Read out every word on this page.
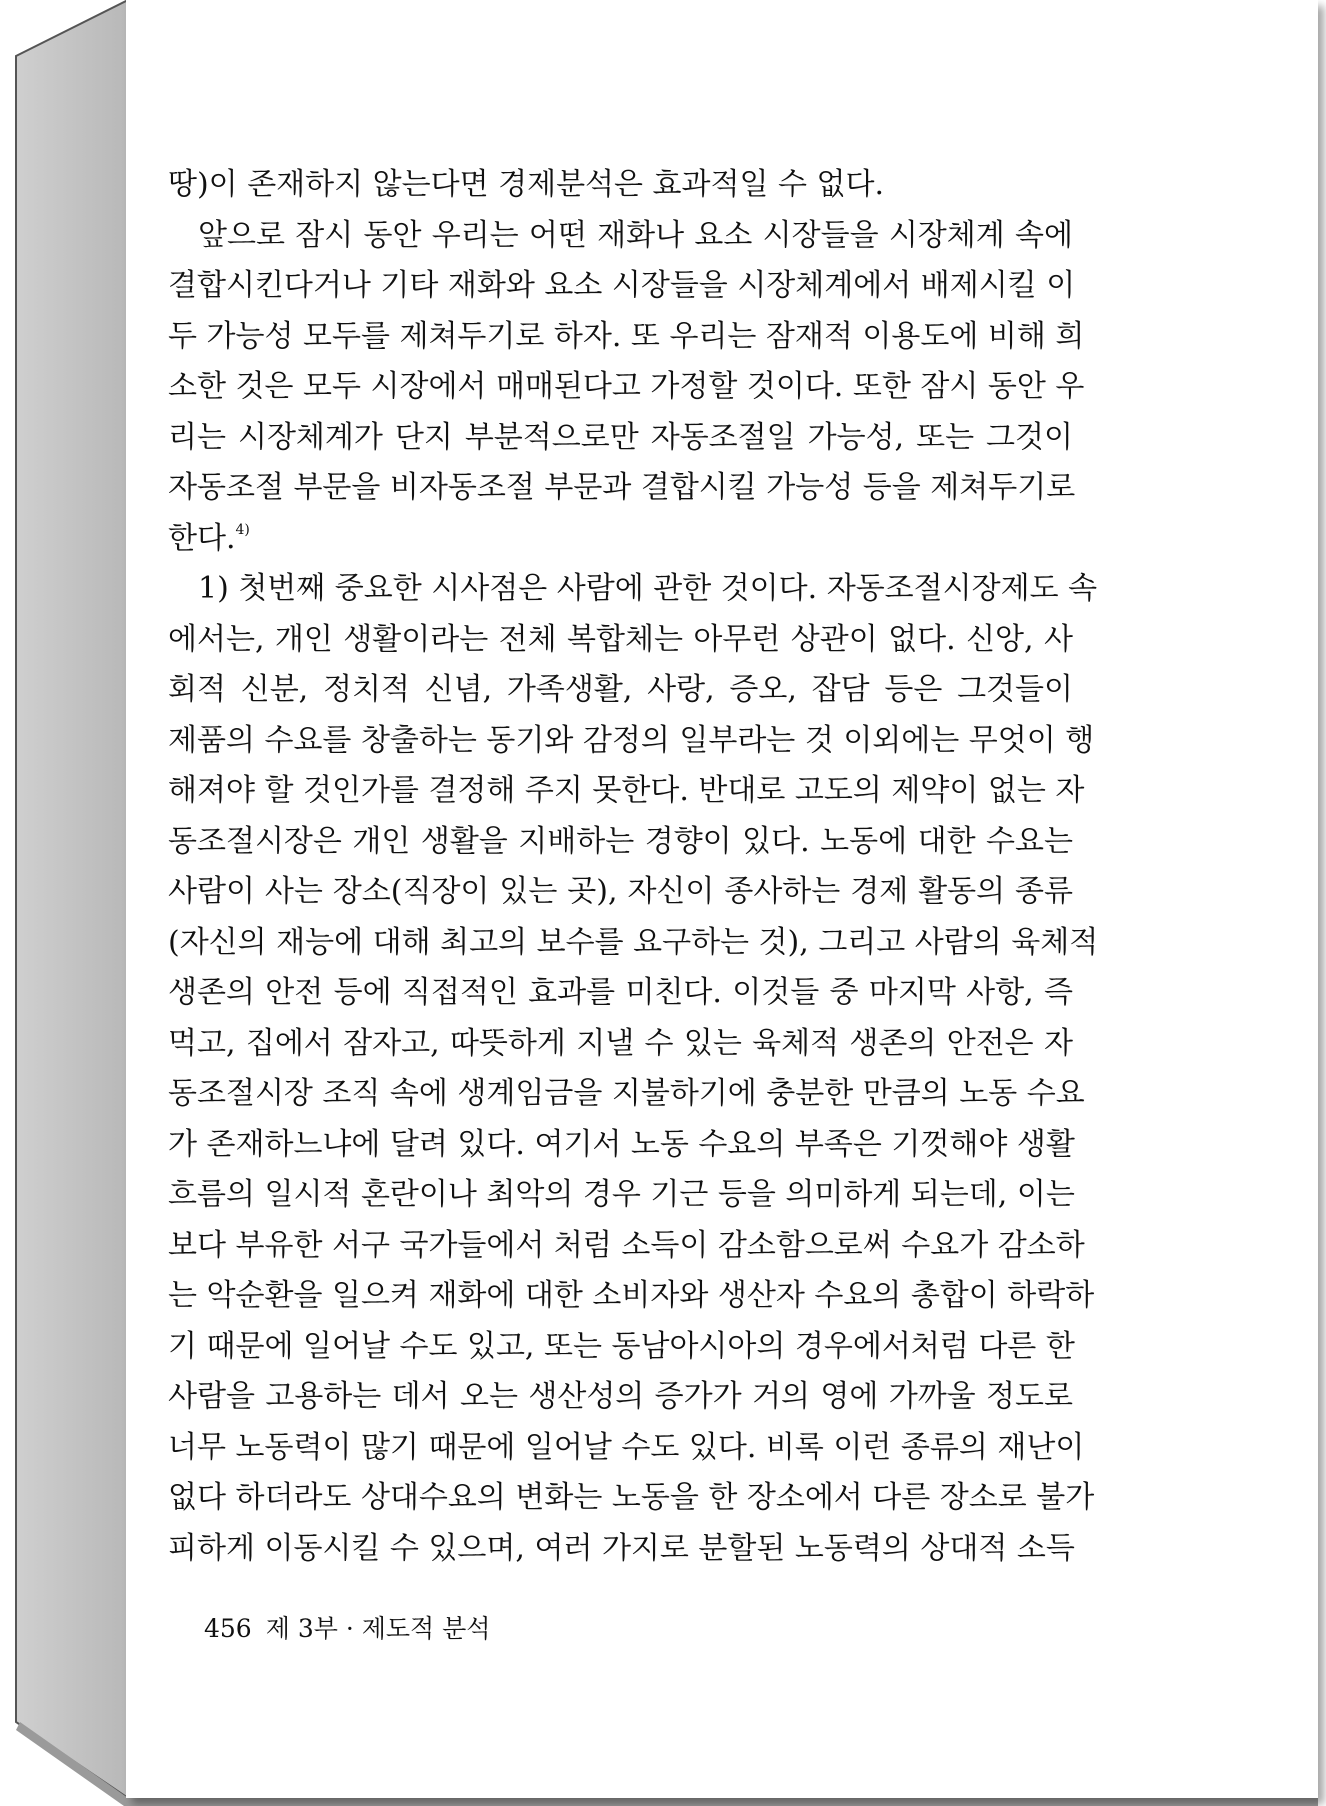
땅)이 존재하지 않는다면 경제분석은 효과적일 수 없다.
앞으로 잠시 동안 우리는 어떤 재화나 요소 시장들을 시장체계 속에
결합시킨다거나 기타 재화와 요소 시장들을 시장체계에서 배제시킬 이
두 가능성 모두를 제쳐두기로 하자. 또 우리는 잠재적 이용도에 비해 희
소한 것은 모두 시장에서 매매된다고 가정할 것이다. 또한 잠시 동안 우
리는 시장체계가 단지 부분적으로만 자동조절일 가능성, 또는 그것이
자동조절 부문을 비자동조절 부문과 결합시킬 가능성 등을 제쳐두기로
한다.$^{4)}$
1) 첫번째 중요한 시사점은 사람에 관한 것이다. 자동조절시장제도 속
에서는, 개인 생활이라는 전체 복합체는 아무런 상관이 없다. 신앙, 사
회적 신분, 정치적 신념, 가족생활, 사랑, 증오, 잡담 등은 그것들이
제품의 수요를 창출하는 동기와 감정의 일부라는 것 이외에는 무엇이 행
해져야 할 것인가를 결정해 주지 못한다. 반대로 고도의 제약이 없는 자
동조절시장은 개인 생활을 지배하는 경향이 있다. 노동에 대한 수요는
사람이 사는 장소(직장이 있는 곳), 자신이 종사하는 경제 활동의 종류
(자신의 재능에 대해 최고의 보수를 요구하는 것), 그리고 사람의 육체적
생존의 안전 등에 직접적인 효과를 미친다. 이것들 중 마지막 사항, 즉
먹고, 집에서 잠자고, 따뜻하게 지낼 수 있는 육체적 생존의 안전은 자
동조절시장 조직 속에 생계임금을 지불하기에 충분한 만큼의 노동 수요
가 존재하느냐에 달려 있다. 여기서 노동 수요의 부족은 기껏해야 생활
흐름의 일시적 혼란이나 최악의 경우 기근 등을 의미하게 되는데, 이는
보다 부유한 서구 국가들에서 처럼 소득이 감소함으로써 수요가 감소하
는 악순환을 일으켜 재화에 대한 소비자와 생산자 수요의 총합이 하락하
기 때문에 일어날 수도 있고, 또는 동남아시아의 경우에서처럼 다른 한
사람을 고용하는 데서 오는 생산성의 증가가 거의 영에 가까울 정도로
너무 노동력이 많기 때문에 일어날 수도 있다. 비록 이런 종류의 재난이
없다 하더라도 상대수요의 변화는 노동을 한 장소에서 다른 장소로 불가
피하게 이동시킬 수 있으며, 여러 가지로 분할된 노동력의 상대적 소득
456 제 3부 · 제도적 분석
